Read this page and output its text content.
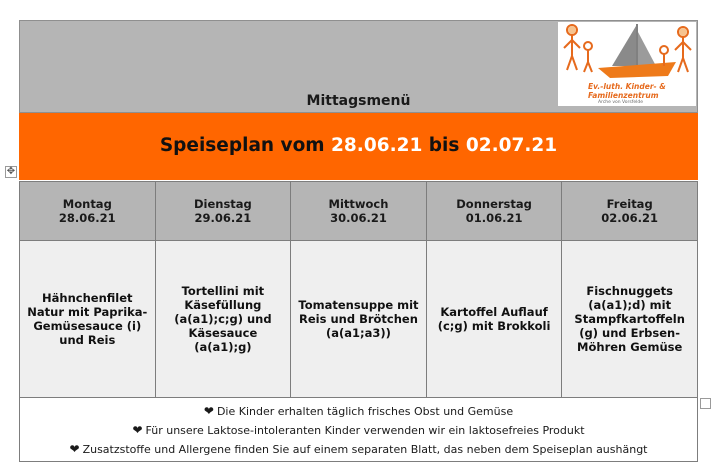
✥
Mittagsmenü
Ev.-luth. Kinder- &
Familienzentrum
Arche von Vorsfelde
Speiseplan vom 28.06.21 bis 02.07.21
Montag
28.06.21
Dienstag
29.06.21
Mittwoch
30.06.21
Donnerstag
01.06.21
Freitag
02.06.21
Hähnchenfilet Natur mit Paprika-Gemüsesauce (i) und Reis
Tortellini mit Käsefüllung (a(a1);c;g) und Käsesauce (a(a1);g)
Tomatensuppe mit Reis und Brötchen (a(a1;a3))
Kartoffel Auflauf (c;g) mit Brokkoli
Fischnuggets (a(a1);d) mit Stampfkartoffeln (g) und Erbsen-Möhren Gemüse
❤ Die Kinder erhalten täglich frisches Obst und Gemüse
❤ Für unsere Laktose-intoleranten Kinder verwenden wir ein laktosefreies Produkt
❤ Zusatzstoffe und Allergene finden Sie auf einem separaten Blatt, das neben dem Speiseplan aushängt
